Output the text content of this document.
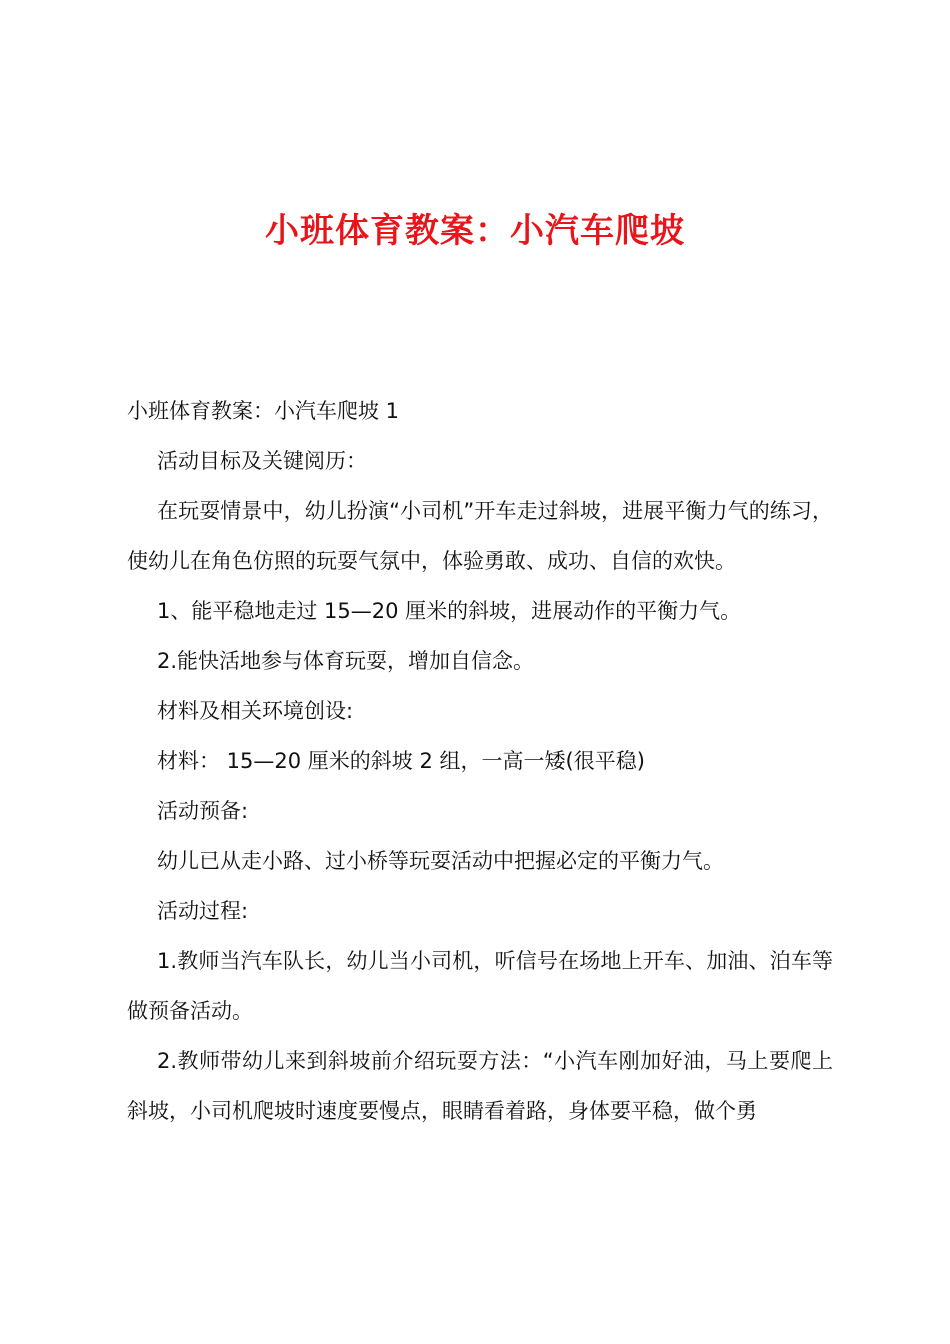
小班体育教案：小汽车爬坡

小班体育教案：小汽车爬坡 1

活动目标及关键阅历：

在玩耍情景中，幼儿扮演“小司机”开车走过斜坡，进展平衡力气的练习，使幼儿在角色仿照的玩耍气氛中，体验勇敢、成功、自信的欢快。

1、能平稳地走过 15—20 厘米的斜坡，进展动作的平衡力气。

2.能快活地参与体育玩耍，增加自信念。

材料及相关环境创设:

材料： 15—20 厘米的斜坡 2 组，一高一矮(很平稳)

活动预备:

幼儿已从走小路、过小桥等玩耍活动中把握必定的平衡力气。

活动过程:

1.教师当汽车队长，幼儿当小司机，听信号在场地上开车、加油、泊车等做预备活动。

2.教师带幼儿来到斜坡前介绍玩耍方法：“小汽车刚加好油，马上要爬上斜坡，小司机爬坡时速度要慢点，眼睛看着路，身体要平稳，做个勇
